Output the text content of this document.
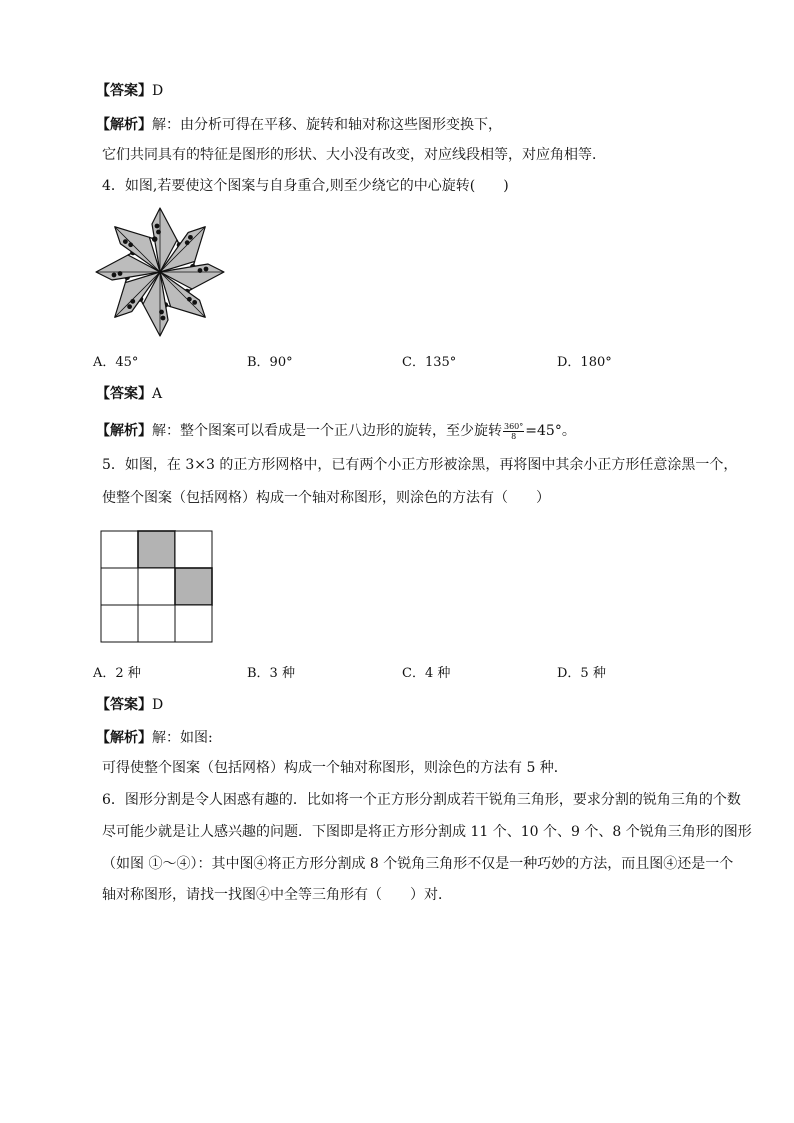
【答案】D
【解析】解：由分析可得在平移、旋转和轴对称这些图形变换下，
它们共同具有的特征是图形的形状、大小没有改变，对应线段相等，对应角相等．
4．如图,若要使这个图案与自身重合,则至少绕它的中心旋转(　　)
A．45°	B．90°	C．135°	D．180°
【答案】A
【解析】解：整个图案可以看成是一个正八边形的旋转，至少旋转 $\frac{360^\circ}{8} =45^\circ$。
5．如图，在 3×3 的正方形网格中，已有两个小正方形被涂黑，再将图中其余小正方形任意涂黑一个，
使整个图案（包括网格）构成一个轴对称图形，则涂色的方法有（　　）
A．2 种	B．3 种	C．4 种	D．5 种
【答案】D
【解析】解：如图:
可得使整个图案（包括网格）构成一个轴对称图形，则涂色的方法有 5 种．
6．图形分割是令人困惑有趣的．比如将一个正方形分割成若干锐角三角形，要求分割的锐角三角的个数
尽可能少就是让人感兴趣的问题．下图即是将正方形分割成 11 个、10 个、9 个、8 个锐角三角形的图形
（如图 ①～④）：其中图④将正方形分割成 8 个锐角三角形不仅是一种巧妙的方法，而且图④还是一个
轴对称图形，请找一找图④中全等三角形有（　　）对．
